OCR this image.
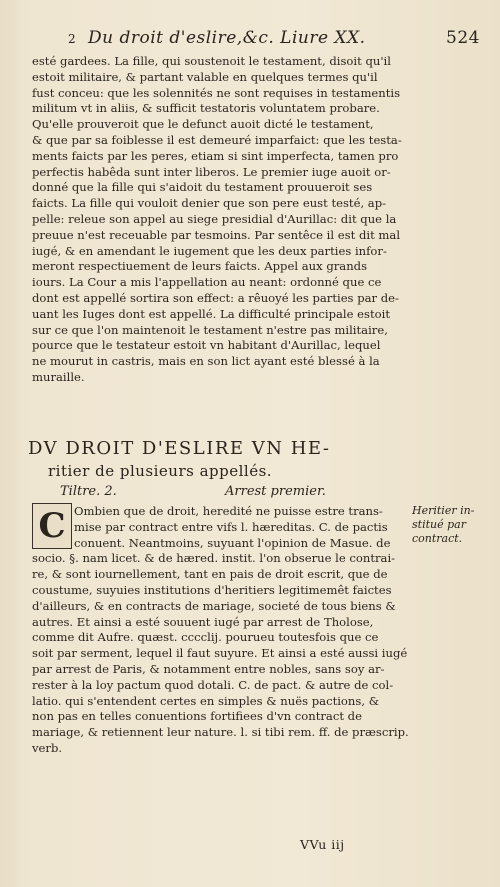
2 Du droit d'eslire,&c. Liure XX.	524
esté gardees. La fille, qui soustenoit le testament, disoit qu'il
estoit militaire, & partant valable en quelques termes qu'il
fust conceu: que les solennités ne sont requises in testamentis
militum vt in aliis, & sufficit testatoris voluntatem probare.
Qu'elle prouveroit que le defunct auoit dicté le testament,
& que par sa foiblesse il est demeuré imparfaict: que les testa-
ments faicts par les peres, etiam si sint imperfecta, tamen pro
perfectis habêda sunt inter liberos. Le premier iuge auoit or-
donné que la fille qui s'aidoit du testament prouueroit ses
faicts. La fille qui vouloit denier que son pere eust testé, ap-
pelle: releue son appel au siege presidial d'Aurillac: dit que la
preuue n'est receuable par tesmoins. Par sentêce il est dit mal
iugé, & en amendant le iugement que les deux parties infor-
meront respectiuement de leurs faicts. Appel aux grands
iours. La Cour a mis l'appellation au neant: ordonné que ce
dont est appellé sortira son effect: a rêuoyé les parties par de-
uant les Iuges dont est appellé. La difficulté principale estoit
sur ce que l'on maintenoit le testament n'estre pas militaire,
pource que le testateur estoit vn habitant d'Aurillac, lequel
ne mourut in castris, mais en son lict ayant esté blessé à la
muraille.
DV DROIT D'ESLIRE VN HE-
ritier de plusieurs appellés.
Tiltre. 2.	Arrest premier.
C Ombien que de droit, heredité ne puisse estre trans-
mise par contract entre vifs l. hæreditas. C. de pactis
conuent. Neantmoins, suyuant l'opinion de Masue. de
socio. §. nam licet. & de hæred. instit. l'on obserue le contrai-
re, & sont iournellement, tant en pais de droit escrit, que de
coustume, suyuies institutions d'heritiers legitimemêt faictes
d'ailleurs, & en contracts de mariage, societé de tous biens &
autres. Et ainsi a esté souuent iugé par arrest de Tholose,
comme dit Aufre. quæst. cccclij. pourueu toutesfois que ce
soit par serment, lequel il faut suyure. Et ainsi a esté aussi iugé
par arrest de Paris, & notamment entre nobles, sans soy ar-
rester à la loy pactum quod dotali. C. de pact. & autre de col-
latio. qui s'entendent certes en simples & nuës pactions, &
non pas en telles conuentions fortifiees d'vn contract de
mariage, & retiennent leur nature. l. si tibi rem. ff. de præscrip.
verb.
Heritier in-
stitué par
contract.
VVu iij
